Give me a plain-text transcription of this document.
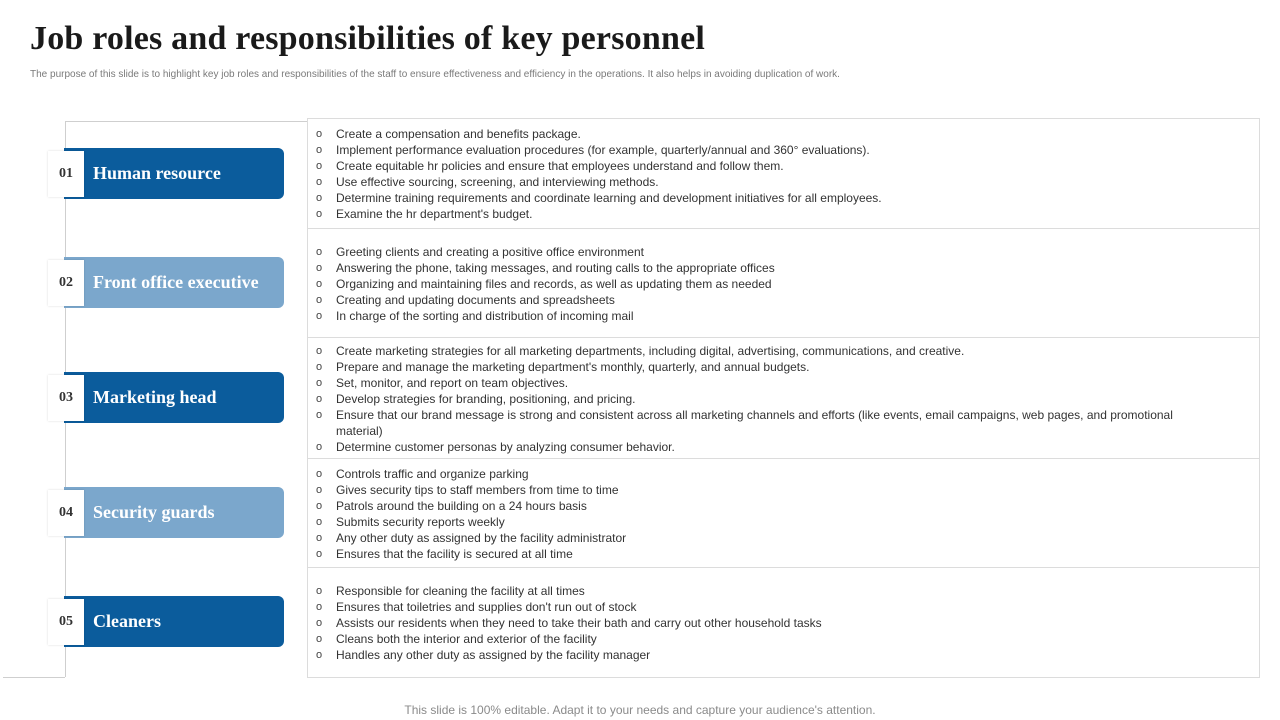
Job roles and responsibilities of key personnel

The purpose of this slide is to highlight key job roles and responsibilities of the staff to ensure effectiveness and efficiency in the operations. It also helps in avoiding duplication of work.

Human resource
01
o Create a compensation and benefits package.
o Implement performance evaluation procedures (for example, quarterly/annual and 360° evaluations).
o Create equitable hr policies and ensure that employees understand and follow them.
o Use effective sourcing, screening, and interviewing methods.
o Determine training requirements and coordinate learning and development initiatives for all employees.
o Examine the hr department's budget.
Front office executive
02
o Greeting clients and creating a positive office environment
o Answering the phone, taking messages, and routing calls to the appropriate offices
o Organizing and maintaining files and records, as well as updating them as needed
o Creating and updating documents and spreadsheets
o In charge of the sorting and distribution of incoming mail
Marketing head
03
o Create marketing strategies for all marketing departments, including digital, advertising, communications, and creative.
o Prepare and manage the marketing department's monthly, quarterly, and annual budgets.
o Set, monitor, and report on team objectives.
o Develop strategies for branding, positioning, and pricing.
o Ensure that our brand message is strong and consistent across all marketing channels and efforts (like events, email campaigns, web pages, and promotional material)
o Determine customer personas by analyzing consumer behavior.
Security guards
04
o Controls traffic and organize parking
o Gives security tips to staff members from time to time
o Patrols around the building on a 24 hours basis
o Submits security reports weekly
o Any other duty as assigned by the facility administrator
o Ensures that the facility is secured at all time
Cleaners
05
o Responsible for cleaning the facility at all times
o Ensures that toiletries and supplies don't run out of stock
o Assists our residents when they need to take their bath and carry out other household tasks
o Cleans both the interior and exterior of the facility
o Handles any other duty as assigned by the facility manager
This slide is 100% editable. Adapt it to your needs and capture your audience's attention.
